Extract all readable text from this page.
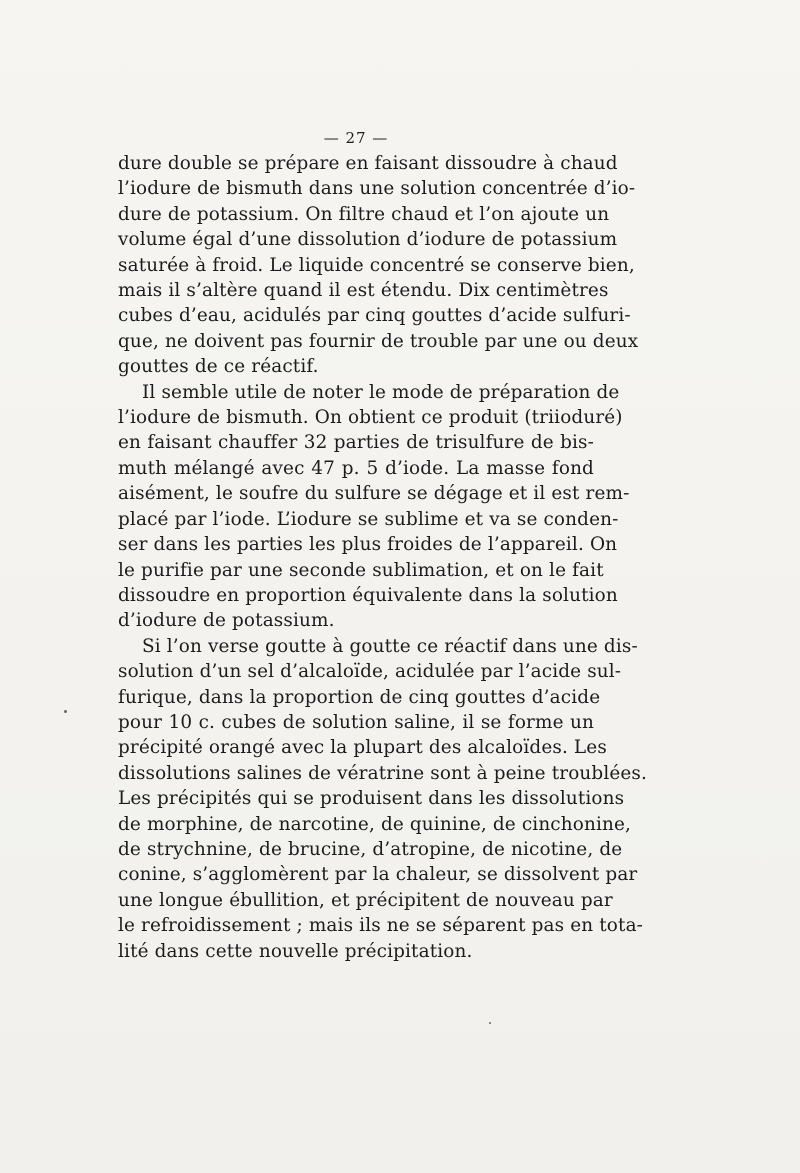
— 27 —
dure double se prépare en faisant dissoudre à chaud
l’iodure de bismuth dans une solution concentrée d’io-
dure de potassium. On filtre chaud et l’on ajoute un
volume égal d’une dissolution d’iodure de potassium
saturée à froid. Le liquide concentré se conserve bien,
mais il s’altère quand il est étendu. Dix centimètres
cubes d’eau, acidulés par cinq gouttes d’acide sulfuri-
que, ne doivent pas fournir de trouble par une ou deux
gouttes de ce réactif.
Il semble utile de noter le mode de préparation de
l’iodure de bismuth. On obtient ce produit (triioduré)
en faisant chauffer 32 parties de trisulfure de bis-
muth mélangé avec 47 p. 5 d’iode. La masse fond
aisément, le soufre du sulfure se dégage et il est rem-
placé par l’iode. L’iodure se sublime et va se conden-
ser dans les parties les plus froides de l’appareil. On
le purifie par une seconde sublimation, et on le fait
dissoudre en proportion équivalente dans la solution
d’iodure de potassium.
Si l’on verse goutte à goutte ce réactif dans une dis-
solution d’un sel d’alcaloïde, acidulée par l’acide sul-
furique, dans la proportion de cinq gouttes d’acide
pour 10 c. cubes de solution saline, il se forme un
précipité orangé avec la plupart des alcaloïdes. Les
dissolutions salines de vératrine sont à peine troublées.
Les précipités qui se produisent dans les dissolutions
de morphine, de narcotine, de quinine, de cinchonine,
de strychnine, de brucine, d’atropine, de nicotine, de
conine, s’agglomèrent par la chaleur, se dissolvent par
une longue ébullition, et précipitent de nouveau par
le refroidissement ; mais ils ne se séparent pas en tota-
lité dans cette nouvelle précipitation.
